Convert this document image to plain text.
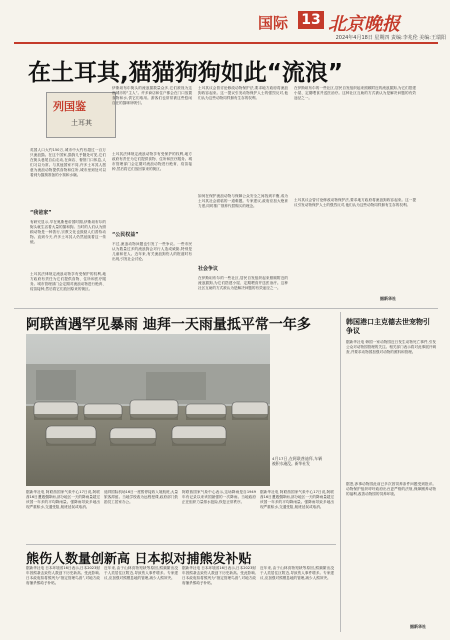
国际 13 北京晚报
2024年4月18日 星期四 责编:李兆伦 美编:王瑞阳
在土耳其,猫猫狗狗如此“流浪”
列国鉴
土耳其
英国人口大约150万,城市中大约有超过一百万只流浪猫。在这个国家,猫狗几乎随处可见,它们在街头巷尾自由走动,在商店、餐馆门口休息,人们习以为常。与其他国家不同,许多土耳其人愿意为流浪动物提供食物和住所,城市里到处可以看到为猫狗准备的小窝和水碗。
“我爸家”
有研究显示,早在奥斯曼帝国时期,伊斯坦布尔的街头就生活着大量的猫和狗。当时的人们认为照顾动物是一种善行,宗教文化也鼓励人们善待动物。直到今天,许多土耳其人仍然延续着这一传统。
土耳其法律规定流浪动物享有受保护的权利,地方政府有责任为它们提供食物、住所和医疗服务。城市管理部门会定期对流浪动物进行绝育、疫苗接种,然后将它们放回原来的街区。
伊斯坦布尔街头的流浪猫数量众多,它们被视为这座城市的“主人”。许多商店和住户都会在门口放置食物和水,供它们取用。游客们也常常被这些悠闲自在的猫咪所吸引。
土耳其法律规定流浪动物享有受保护的权利,地方政府有责任为它们提供食物、住所和医疗服务。城市管理部门会定期对流浪动物进行绝育、疫苗接种,然后将它们放回原来的街区。
“公民权益”
不过,流浪动物问题也引发了一些争议。一些市民认为数量过多的流浪狗会对行人造成威胁,特别是儿童和老人。近年来,有关流浪狗伤人的报道时有出现,引发社会讨论。
土耳其议会曾讨论修改动物保护法,要求地方政府将流浪狗收容起来。这一提议引发动物保护人士的强烈反对,他们认为这些动物同样拥有生存的权利。
如何在保护流浪动物与保障公众安全之间找到平衡,成为土耳其社会面临的一道难题。专家建议,政府应加大绝育力度,同时推广领养代替购买的理念。
社会争议
在伊斯坦布尔的一些社区,居民自发组织起来照顾附近的流浪猫狗,为它们搭建小屋、定期喂食并送医治疗。这种社区互助的方式被认为是解决问题的有效途径之一。
在伊斯坦布尔的一些社区,居民自发组织起来照顾附近的流浪猫狗,为它们搭建小屋、定期喂食并送医治疗。这种社区互助的方式被认为是解决问题的有效途径之一。
土耳其议会曾讨论修改动物保护法,要求地方政府将流浪狗收容起来。这一提议引发动物保护人士的强烈反对,他们认为这些动物同样拥有生存的权利。
据新华社
阿联酋遇罕见暴雨 迪拜一天雨量抵平常一年多
4月17日,在阿联酋迪拜,车辆被积水淹没。新华社发
据新华社电 阿联酋国家气象中心17日说,阿联酋16日遭遇强降雨,部分地区一天的降雨量超过该国一年多的平均降雨量。强降雨导致多地出现严重积水,交通受阻,航班延误或取消。
迪拜国际机场16日一度暂停接收入境航班,大量旅客滞留。当地学校改为远程授课,政府部门鼓励员工居家办公。
阿联酋国家气象中心表示,这场降雨是自1949年有记录以来该国最强的一次降雨。当地政府正在组织力量排水抢险,恢复正常秩序。
据新华社电 阿联酋国家气象中心17日说,阿联酋16日遭遇强降雨,部分地区一天的降雨量超过该国一年多的平均降雨量。强降雨导致多地出现严重积水,交通受阻,航班延误或取消。
熊伤人数量创新高 日本拟对捕熊发补贴
据新华社电 日本环境省16日表示,日本2023财年因熊袭击致伤人数创下历史新高。受此影响,日本政府拟将熊列为“指定管理鸟兽”,对地方政府捕杀熊给予补贴。
近年来,由于山林食物短缺等原因,熊频繁出没于人类居住区附近,导致伤人事件增多。专家建议,应加强对熊栖息地的管理,减少人熊冲突。
据新华社电 日本环境省16日表示,日本2023财年因熊袭击致伤人数创下历史新高。受此影响,日本政府拟将熊列为“指定管理鸟兽”,对地方政府捕杀熊给予补贴。
近年来,由于山林食物短缺等原因,熊频繁出没于人类居住区附近,导致伤人事件增多。专家建议,应加强对熊栖息地的管理,减少人熊冲突。
韩国港口主克德去世宠物引争议
据新华社电 韩国一家动物园近日发生动物死亡事件,引发公众对动物园管理的关注。相关部门表示将对此事展开调查,并要求动物园加强对动物的照料和管理。
据悉,涉事动物园此前已多次因饲养条件问题受到批评。动物保护组织呼吁政府出台更严格的法规,保障圈养动物的福利,改善动物园的饲养环境。
据新华社
